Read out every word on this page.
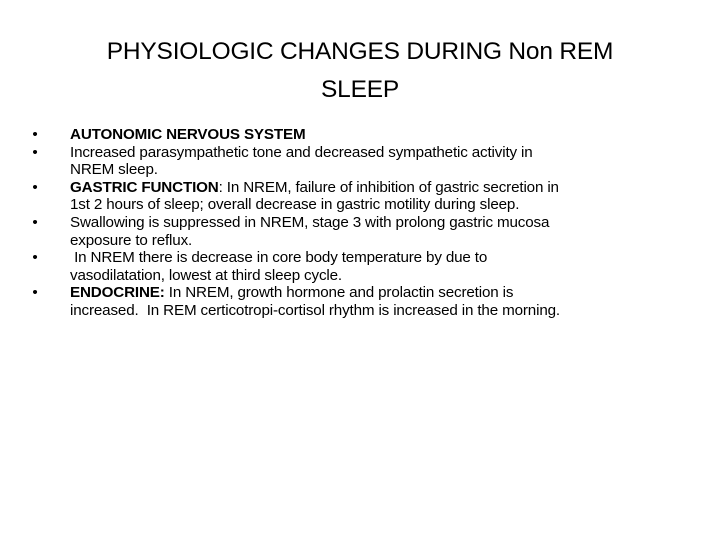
PHYSIOLOGIC CHANGES DURING Non REM
SLEEP
• AUTONOMIC NERVOUS SYSTEM
• Increased parasympathetic tone and decreased sympathetic activity in
NREM sleep.
• GASTRIC FUNCTION: In NREM, failure of inhibition of gastric secretion in
1st 2 hours of sleep; overall decrease in gastric motility during sleep.
• Swallowing is suppressed in NREM, stage 3 with prolong gastric mucosa
exposure to reflux.
• In NREM there is decrease in core body temperature by due to
vasodilatation, lowest at third sleep cycle.
• ENDOCRINE: In NREM, growth hormone and prolactin secretion is
increased.  In REM certicotropi-cortisol rhythm is increased in the morning.
